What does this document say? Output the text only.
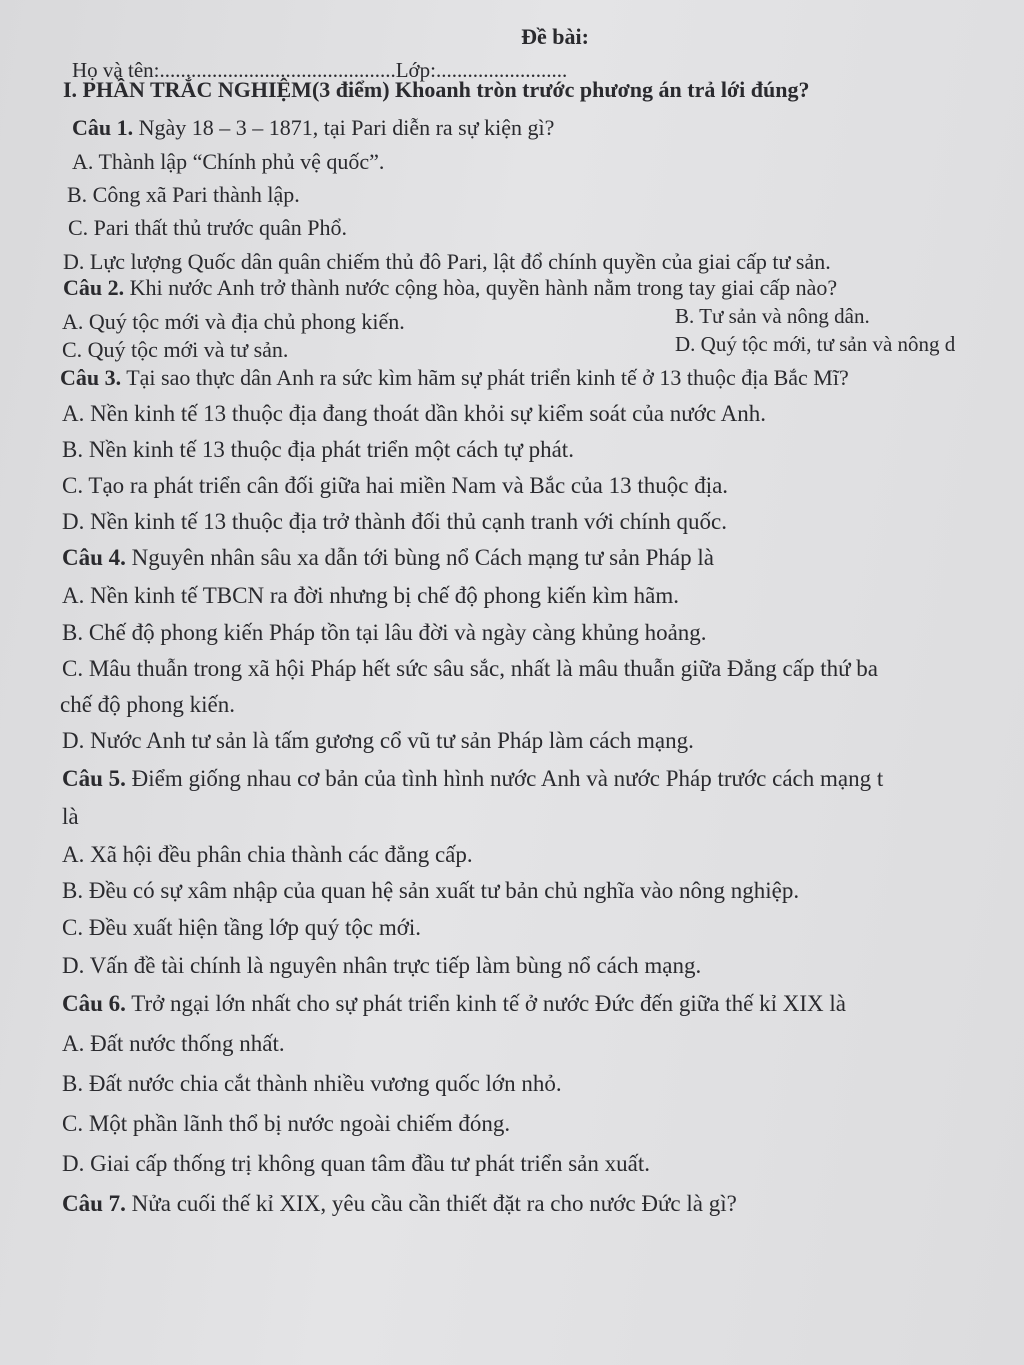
Đề bài:
Họ và tên:.............................................Lớp:.........................
I. PHẦN TRẮC NGHIỆM(3 điểm) Khoanh tròn trước phương án trả lới đúng?
Câu 1. Ngày 18 – 3 – 1871, tại Pari diễn ra sự kiện gì?
A. Thành lập “Chính phủ vệ quốc”.
B. Công xã Pari thành lập.
C. Pari thất thủ trước quân Phổ.
D. Lực lượng Quốc dân quân chiếm thủ đô Pari, lật đổ chính quyền của giai cấp tư sản.
Câu 2. Khi nước Anh trở thành nước cộng hòa, quyền hành nằm trong tay giai cấp nào?
A. Quý tộc mới và địa chủ phong kiến.	B. Tư sản và nông dân.
C. Quý tộc mới và tư sản.	D. Quý tộc mới, tư sản và nông d
Câu 3. Tại sao thực dân Anh ra sức kìm hãm sự phát triển kinh tế ở 13 thuộc địa Bắc Mĩ?
A. Nền kinh tế 13 thuộc địa đang thoát dần khỏi sự kiểm soát của nước Anh.
B. Nền kinh tế 13 thuộc địa phát triển một cách tự phát.
C. Tạo ra phát triển cân đối giữa hai miền Nam và Bắc của 13 thuộc địa.
D. Nền kinh tế 13 thuộc địa trở thành đối thủ cạnh tranh với chính quốc.
Câu 4. Nguyên nhân sâu xa dẫn tới bùng nổ Cách mạng tư sản Pháp là
A. Nền kinh tế TBCN ra đời nhưng bị chế độ phong kiến kìm hãm.
B. Chế độ phong kiến Pháp tồn tại lâu đời và ngày càng khủng hoảng.
C. Mâu thuẫn trong xã hội Pháp hết sức sâu sắc, nhất là mâu thuẫn giữa Đẳng cấp thứ ba
chế độ phong kiến.
D. Nước Anh tư sản là tấm gương cổ vũ tư sản Pháp làm cách mạng.
Câu 5. Điểm giống nhau cơ bản của tình hình nước Anh và nước Pháp trước cách mạng t
là
A. Xã hội đều phân chia thành các đẳng cấp.
B. Đều có sự xâm nhập của quan hệ sản xuất tư bản chủ nghĩa vào nông nghiệp.
C. Đều xuất hiện tầng lớp quý tộc mới.
D. Vấn đề tài chính là nguyên nhân trực tiếp làm bùng nổ cách mạng.
Câu 6. Trở ngại lớn nhất cho sự phát triển kinh tế ở nước Đức đến giữa thế kỉ XIX là
A. Đất nước thống nhất.
B. Đất nước chia cắt thành nhiều vương quốc lớn nhỏ.
C. Một phần lãnh thổ bị nước ngoài chiếm đóng.
D. Giai cấp thống trị không quan tâm đầu tư phát triển sản xuất.
Câu 7. Nửa cuối thế kỉ XIX, yêu cầu cần thiết đặt ra cho nước Đức là gì?
